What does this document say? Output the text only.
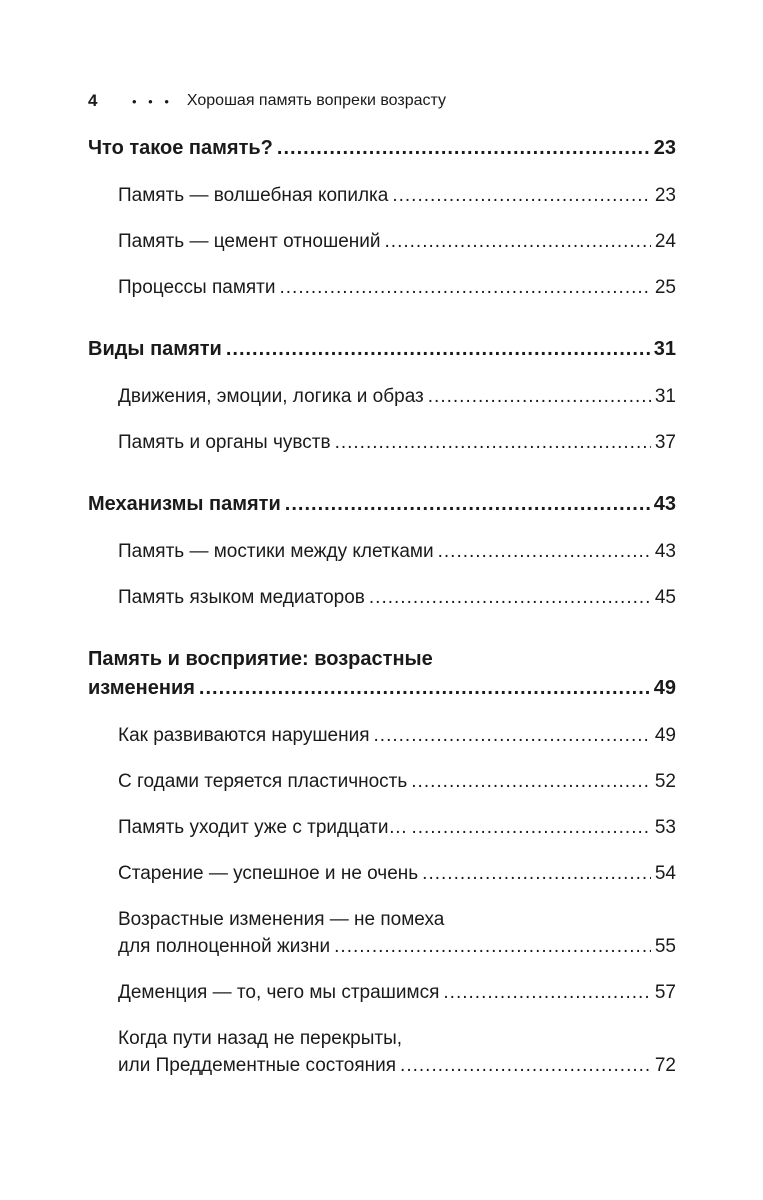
4	• • • Хорошая память вопреки возрасту
Что такое память? .....	23
Память — волшебная копилка .....	23
Память — цемент отношений .....	24
Процессы памяти .....	25
Виды памяти .....	31
Движения, эмоции, логика и образ .....	31
Память и органы чувств .....	37
Механизмы памяти .....	43
Память — мостики между клетками .....	43
Память языком медиаторов .....	45
Память и восприятие: возрастные
изменения .....	49
Как развиваются нарушения .....	49
С годами теряется пластичность .....	52
Память уходит уже с тридцати… .....	53
Старение — успешное и не очень .....	54
Возрастные изменения — не помеха
для полноценной жизни .....	55
Деменция — то, чего мы страшимся .....	57
Когда пути назад не перекрыты,
или Преддементные состояния .....	72
